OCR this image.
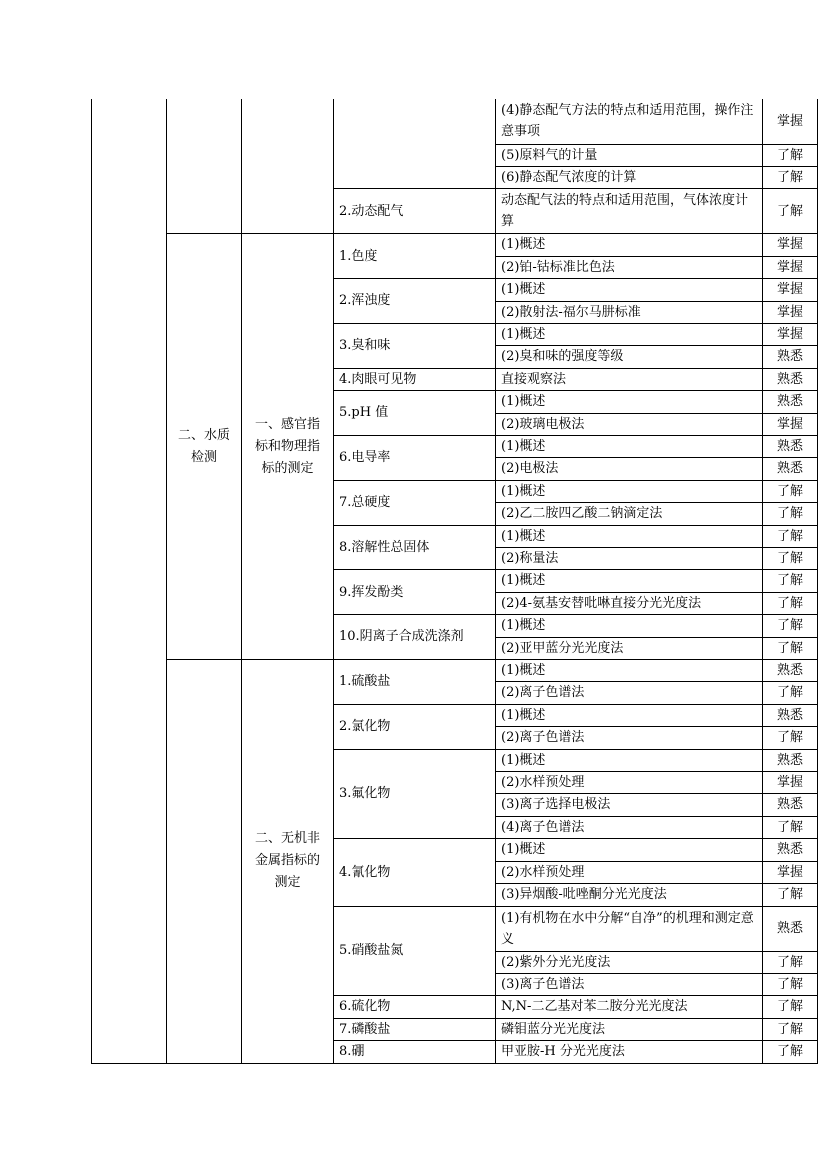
				(4)静态配气方法的特点和适用范围，操作注意事项	掌握
				(5)原料气的计量	了解
				(6)静态配气浓度的计算	了解
			2.动态配气	动态配气法的特点和适用范围，气体浓度计算	了解
	二、水质检测	一、感官指标和物理指标的测定	1.色度	(1)概述	掌握
				(2)铂-钴标准比色法	掌握
			2.浑浊度	(1)概述	掌握
				(2)散射法-福尔马肼标准	掌握
			3.臭和味	(1)概述	掌握
				(2)臭和味的强度等级	熟悉
			4.肉眼可见物	直接观察法	熟悉
			5.pH 值	(1)概述	熟悉
				(2)玻璃电极法	掌握
			6.电导率	(1)概述	熟悉
				(2)电极法	熟悉
			7.总硬度	(1)概述	了解
				(2)乙二胺四乙酸二钠滴定法	了解
			8.溶解性总固体	(1)概述	了解
				(2)称量法	了解
			9.挥发酚类	(1)概述	了解
				(2)4-氨基安替吡啉直接分光光度法	了解
			10.阴离子合成洗涤剂	(1)概述	了解
				(2)亚甲蓝分光光度法	了解
		二、无机非金属指标的测定	1.硫酸盐	(1)概述	熟悉
				(2)离子色谱法	了解
			2.氯化物	(1)概述	熟悉
				(2)离子色谱法	了解
			3.氟化物	(1)概述	熟悉
				(2)水样预处理	掌握
				(3)离子选择电极法	熟悉
				(4)离子色谱法	了解
			4.氰化物	(1)概述	熟悉
				(2)水样预处理	掌握
				(3)异烟酸-吡唑酮分光光度法	了解
			5.硝酸盐氮	(1)有机物在水中分解“自净”的机理和测定意义	熟悉
				(2)紫外分光光度法	了解
				(3)离子色谱法	了解
			6.硫化物	N,N-二乙基对苯二胺分光光度法	了解
			7.磷酸盐	磷钼蓝分光光度法	了解
			8.硼	甲亚胺-H 分光光度法	了解
